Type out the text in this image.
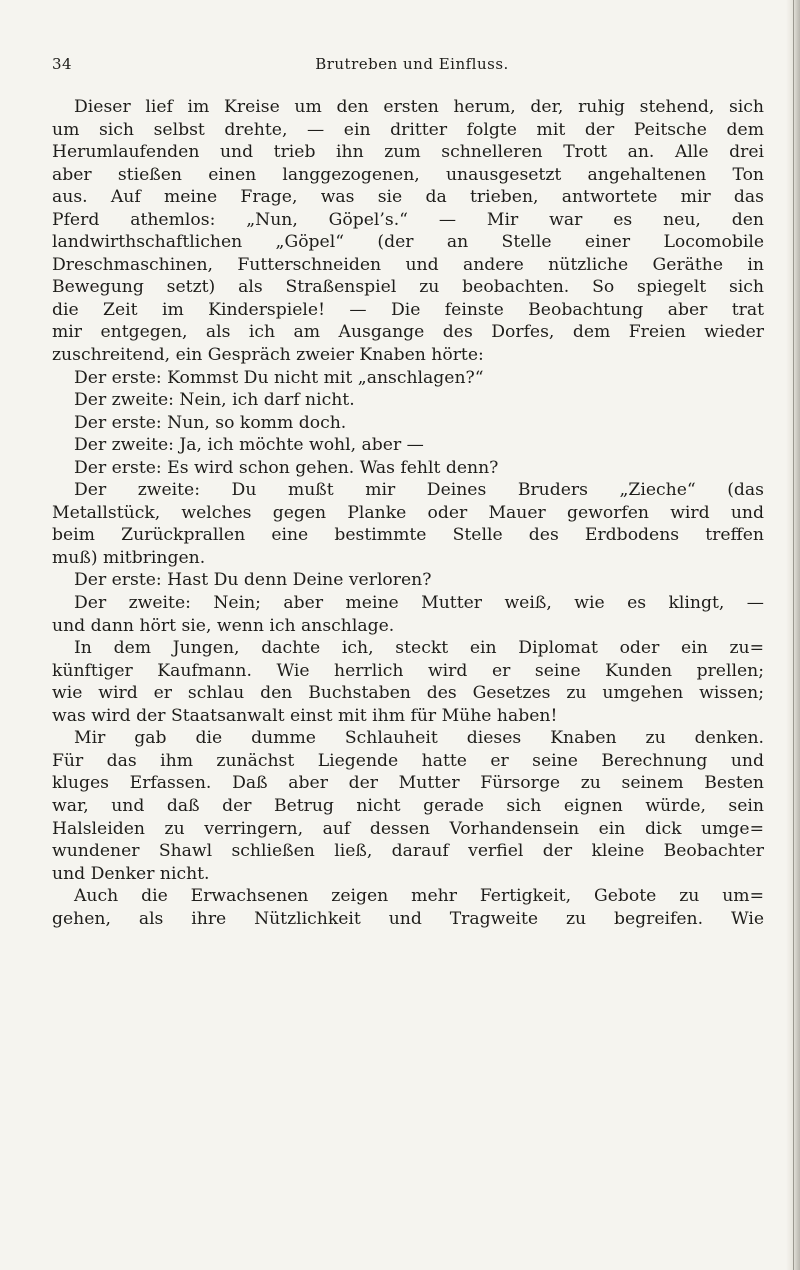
34	Brutreben und Einfluss.
Dieser lief im Kreise um den ersten herum, der, ruhig stehend, sich
um sich selbst drehte, — ein dritter folgte mit der Peitsche dem
Herumlaufenden und trieb ihn zum schnelleren Trott an. Alle drei
aber stießen einen langgezogenen, unausgesetzt angehaltenen Ton
aus. Auf meine Frage, was sie da trieben, antwortete mir das
Pferd athemlos: „Nun, Göpel’s.“ — Mir war es neu, den
landwirthschaftlichen „Göpel“ (der an Stelle einer Locomobile
Dreschmaschinen, Futterschneiden und andere nützliche Geräthe in
Bewegung setzt) als Straßenspiel zu beobachten. So spiegelt sich
die Zeit im Kinderspiele! — Die feinste Beobachtung aber trat
mir entgegen, als ich am Ausgange des Dorfes, dem Freien wieder
zuschreitend, ein Gespräch zweier Knaben hörte:
Der erste: Kommst Du nicht mit „anschlagen?“
Der zweite: Nein, ich darf nicht.
Der erste: Nun, so komm doch.
Der zweite: Ja, ich möchte wohl, aber —
Der erste: Es wird schon gehen. Was fehlt denn?
Der zweite: Du mußt mir Deines Bruders „Zieche“ (das
Metallstück, welches gegen Planke oder Mauer geworfen wird und
beim Zurückprallen eine bestimmte Stelle des Erdbodens treffen
muß) mitbringen.
Der erste: Hast Du denn Deine verloren?
Der zweite: Nein; aber meine Mutter weiß, wie es klingt, —
und dann hört sie, wenn ich anschlage.
In dem Jungen, dachte ich, steckt ein Diplomat oder ein zu=
künftiger Kaufmann. Wie herrlich wird er seine Kunden prellen;
wie wird er schlau den Buchstaben des Gesetzes zu umgehen wissen;
was wird der Staatsanwalt einst mit ihm für Mühe haben!
Mir gab die dumme Schlauheit dieses Knaben zu denken.
Für das ihm zunächst Liegende hatte er seine Berechnung und
kluges Erfassen. Daß aber der Mutter Fürsorge zu seinem Besten
war, und daß der Betrug nicht gerade sich eignen würde, sein
Halsleiden zu verringern, auf dessen Vorhandensein ein dick umge=
wundener Shawl schließen ließ, darauf verfiel der kleine Beobachter
und Denker nicht.
Auch die Erwachsenen zeigen mehr Fertigkeit, Gebote zu um=
gehen, als ihre Nützlichkeit und Tragweite zu begreifen. Wie
